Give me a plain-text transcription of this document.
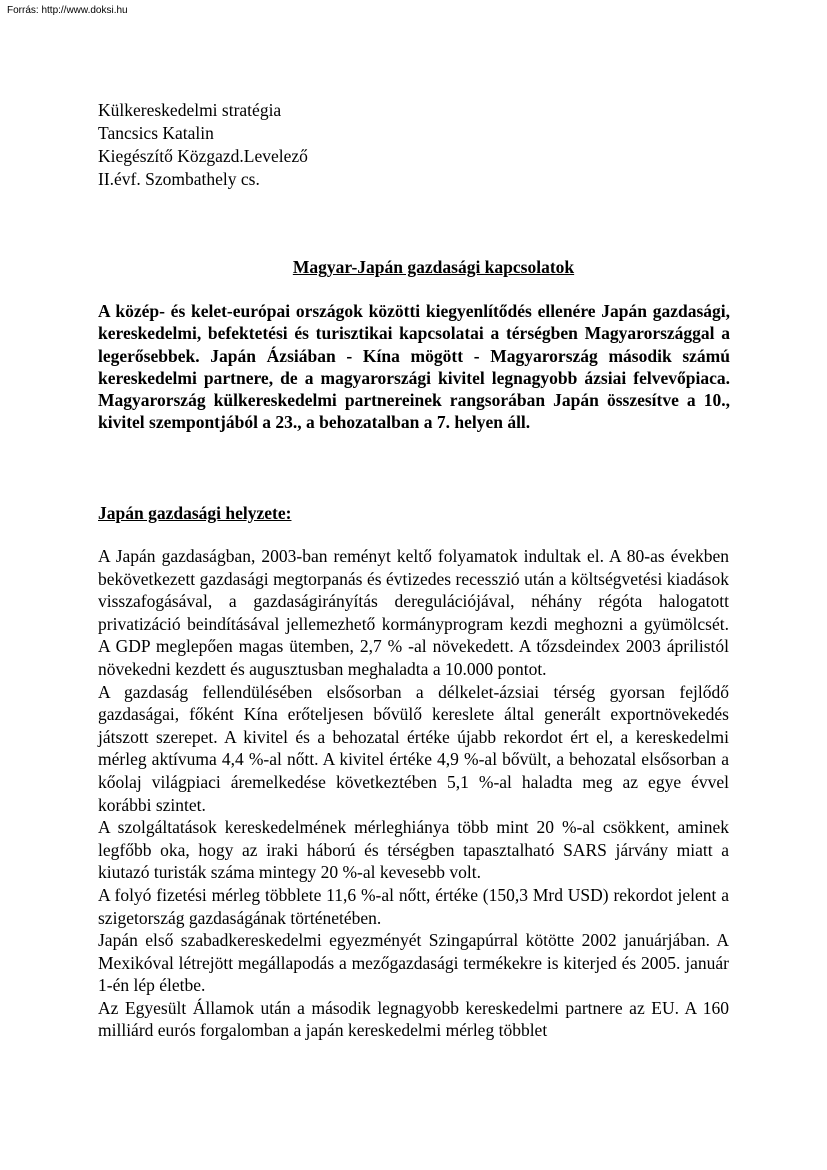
Forrás: http://www.doksi.hu
Külkereskedelmi stratégia
Tancsics Katalin
Kiegészítő Közgazd.Levelező
II.évf. Szombathely cs.
Magyar-Japán gazdasági kapcsolatok

A közép- és kelet-európai országok közötti kiegyenlítődés ellenére Japán gazdasági, kereskedelmi, befektetési és turisztikai kapcsolatai a térségben Magyarországgal a legerősebbek. Japán Ázsiában - Kína mögött - Magyarország második számú kereskedelmi partnere, de a magyarországi kivitel legnagyobb ázsiai felvevőpiaca. Magyarország külkereskedelmi partnereinek rangsorában Japán összesítve a 10., kivitel szempontjából a 23., a behozatalban a 7. helyen áll.

Japán gazdasági helyzete:

A Japán gazdaságban, 2003-ban reményt keltő folyamatok indultak el. A 80-as években bekövetkezett gazdasági megtorpanás és évtizedes recesszió után a költségvetési kiadások visszafogásával, a gazdaságirányítás deregulációjával, néhány régóta halogatott privatizáció beindításával jellemezhető kormányprogram kezdi meghozni a gyümölcsét. A GDP meglepően magas ütemben, 2,7 % -al növekedett. A tőzsdeindex 2003 áprilistól növekedni kezdett és augusztusban meghaladta a 10.000 pontot.

A gazdaság fellendülésében elsősorban a délkelet-ázsiai térség gyorsan fejlődő gazdaságai, főként Kína erőteljesen bővülő kereslete által generált exportnövekedés játszott szerepet. A kivitel és a behozatal értéke újabb rekordot ért el, a kereskedelmi mérleg aktívuma 4,4 %-al nőtt. A kivitel értéke 4,9 %-al bővült, a behozatal elsősorban a kőolaj világpiaci áremelkedése következtében 5,1 %-al haladta meg az egye évvel korábbi szintet.

A szolgáltatások kereskedelmének mérleghiánya több mint 20 %-al csökkent, aminek legfőbb oka, hogy az iraki háború és térségben tapasztalható SARS járvány miatt a kiutazó turisták száma mintegy 20 %-al kevesebb volt.

A folyó fizetési mérleg többlete 11,6 %-al nőtt, értéke (150,3 Mrd USD) rekordot jelent a szigetország gazdaságának történetében.

Japán első szabadkereskedelmi egyezményét Szingapúrral kötötte 2002 januárjában. A Mexikóval létrejött megállapodás a mezőgazdasági termékekre is kiterjed és 2005. január 1-én lép életbe.

Az Egyesült Államok után a második legnagyobb kereskedelmi partnere az EU. A 160 milliárd eurós forgalomban a japán kereskedelmi mérleg többlet
